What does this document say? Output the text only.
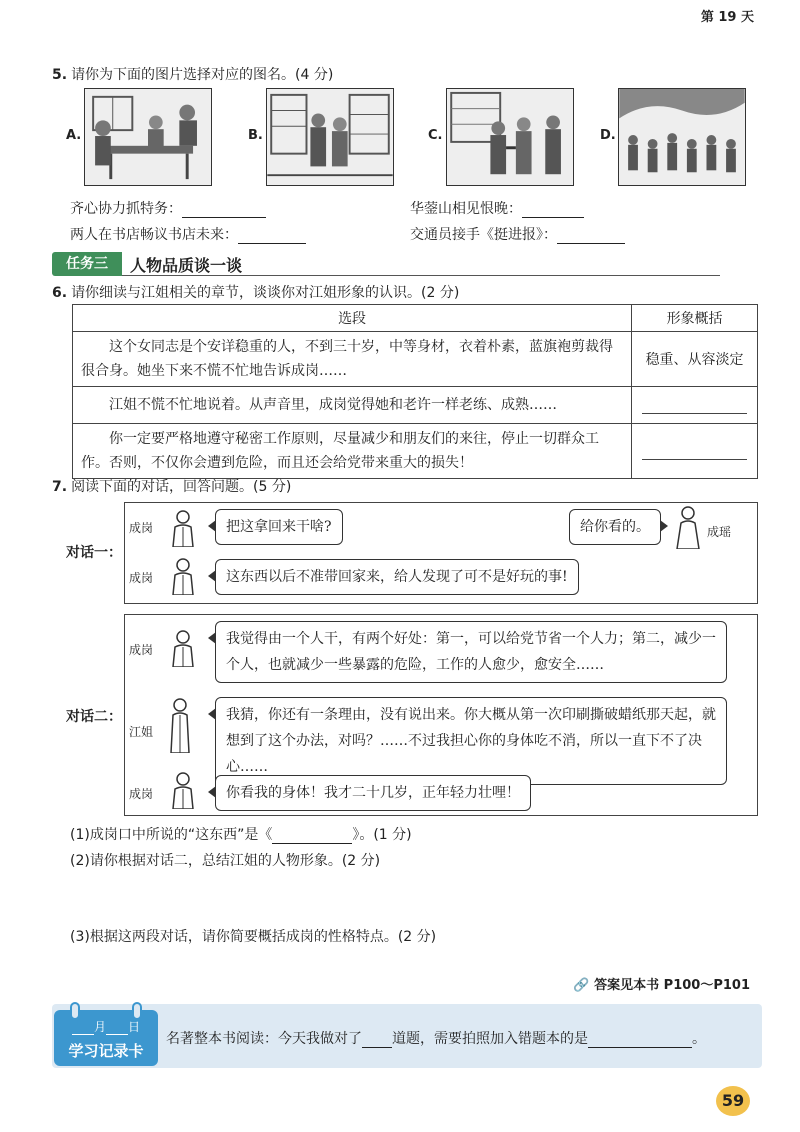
第 19 天
5. 请你为下面的图片选择对应的图名。(4 分)
A.	B.	C.	D.
齐心协力抓特务：	华蓥山相见恨晚：
两人在书店畅议书店未来：	交通员接手《挺进报》：
任务三	人物品质谈一谈
6. 请你细读与江姐相关的章节，谈谈你对江姐形象的认识。(2 分)
选段	形象概括
这个女同志是个安详稳重的人，不到三十岁，中等身材，衣着朴素，蓝旗袍剪裁得很合身。她坐下来不慌不忙地告诉成岗……	稳重、从容淡定
江姐不慌不忙地说着。从声音里，成岗觉得她和老许一样老练、成熟……	

你一定要严格地遵守秘密工作原则，尽量减少和朋友们的来往，停止一切群众工作。否则，不仅你会遭到危险，而且还会给党带来重大的损失！	
7. 阅读下面的对话，回答问题。(5 分)
对话一：
成岗	把这拿回来干啥?	给你看的。	成瑶
成岗	这东西以后不准带回家来，给人发现了可不是好玩的事!
对话二：
成岗
我觉得由一个人干，有两个好处：第一，可以给党节省一个人力；第二，减少一个人，也就减少一些暴露的危险，工作的人愈少，愈安全……
江姐
我猜，你还有一条理由，没有说出来。你大概从第一次印刷撕破蜡纸那天起，就想到了这个办法，对吗？……不过我担心你的身体吃不消，所以一直下不了决心……
成岗	你看我的身体！我才二十几岁，正年轻力壮哩！
(1)成岗口中所说的“这东西”是《	》。(1 分)
(2)请你根据对话二，总结江姐的人物形象。(2 分)
(3)根据这两段对话，请你简要概括成岗的性格特点。(2 分)
🔗 答案见本书 P100～P101
月 日
学习记录卡
名著整本书阅读：今天我做对了 道题，需要拍照加入错题本的是	。
59
